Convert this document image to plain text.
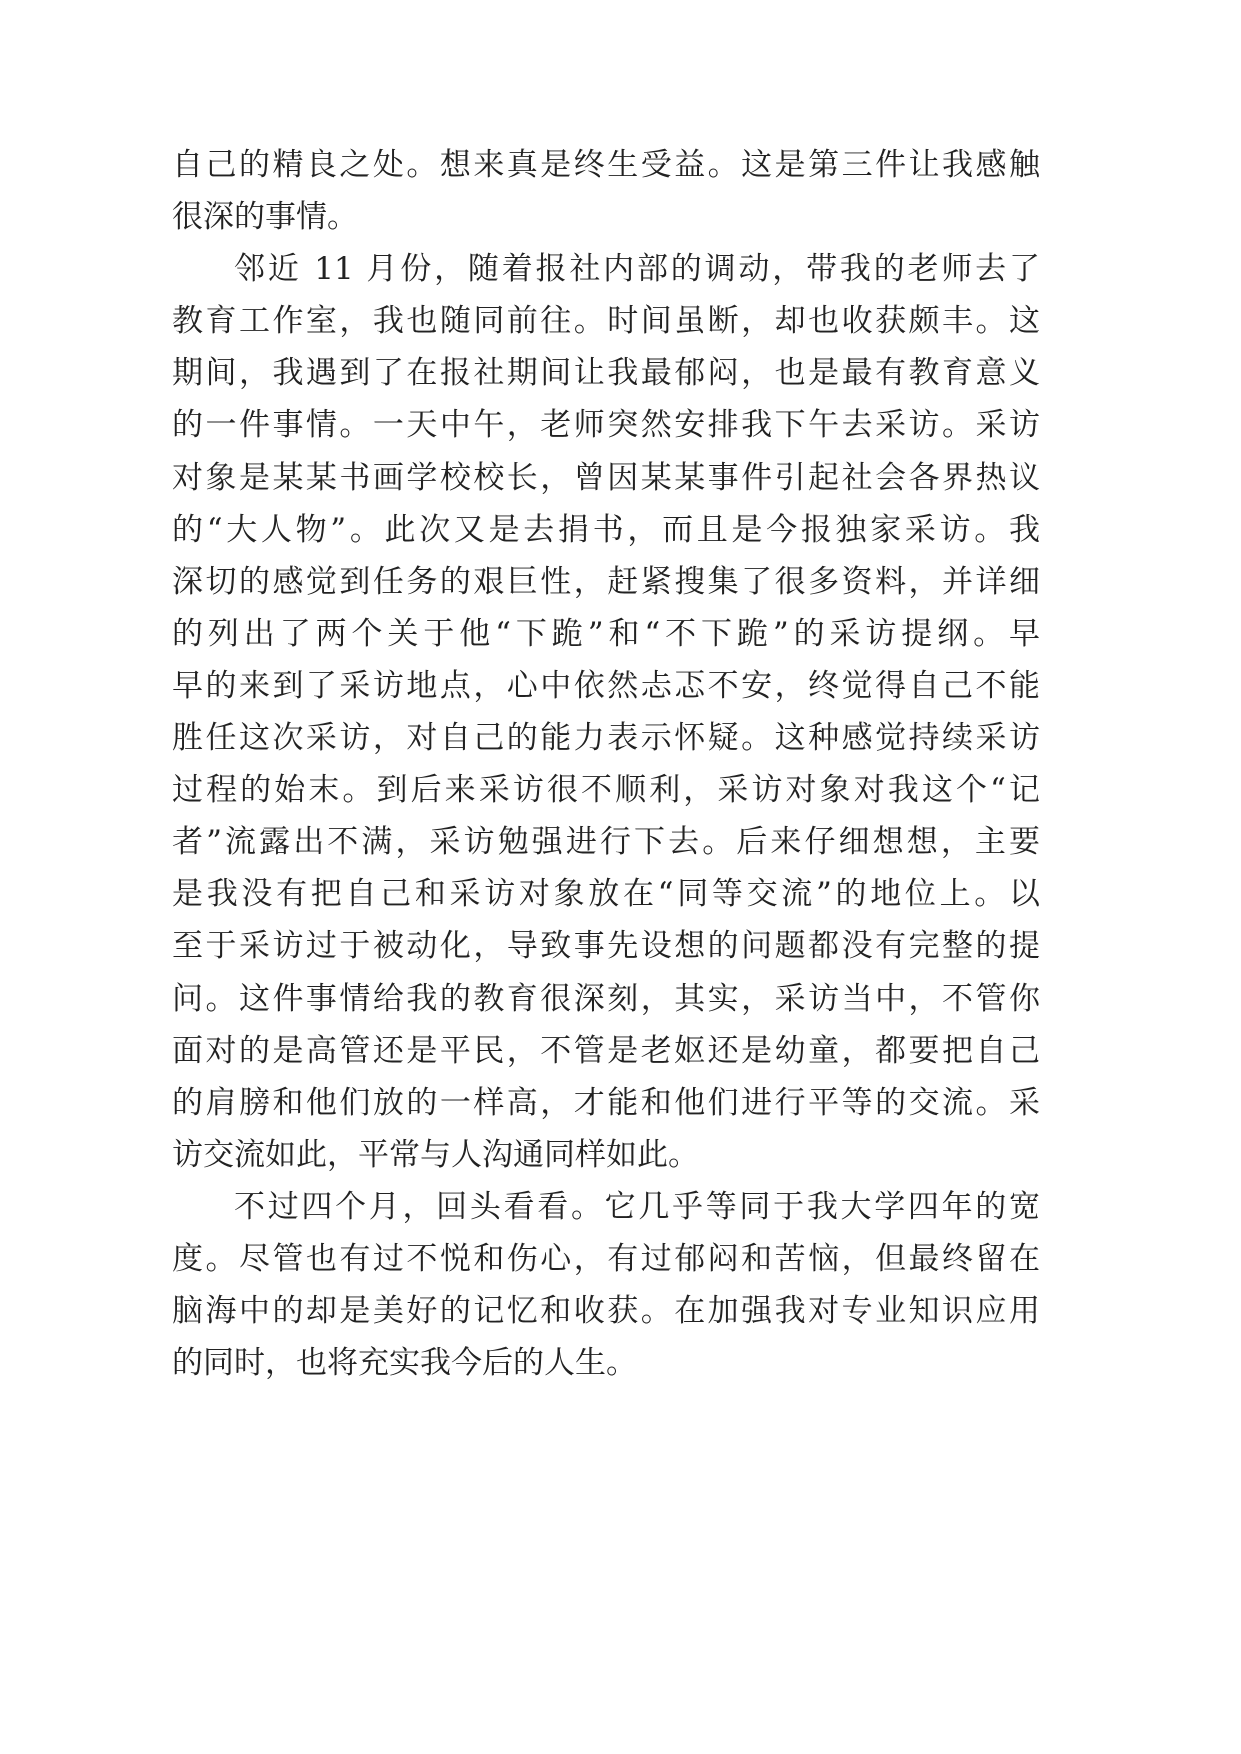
自己的精良之处。想来真是终生受益。这是第三件让我感触
很深的事情。
邻近 11 月份，随着报社内部的调动，带我的老师去了
教育工作室，我也随同前往。时间虽断，却也收获颇丰。这
期间，我遇到了在报社期间让我最郁闷，也是最有教育意义
的一件事情。一天中午，老师突然安排我下午去采访。采访
对象是某某书画学校校长，曾因某某事件引起社会各界热议
的“大人物”。此次又是去捐书，而且是今报独家采访。我
深切的感觉到任务的艰巨性，赶紧搜集了很多资料，并详细
的列出了两个关于他“下跪”和“不下跪”的采访提纲。早
早的来到了采访地点，心中依然忐忑不安，终觉得自己不能
胜任这次采访，对自己的能力表示怀疑。这种感觉持续采访
过程的始末。到后来采访很不顺利，采访对象对我这个“记
者”流露出不满，采访勉强进行下去。后来仔细想想，主要
是我没有把自己和采访对象放在“同等交流”的地位上。以
至于采访过于被动化，导致事先设想的问题都没有完整的提
问。这件事情给我的教育很深刻，其实，采访当中，不管你
面对的是高管还是平民，不管是老妪还是幼童，都要把自己
的肩膀和他们放的一样高，才能和他们进行平等的交流。采
访交流如此，平常与人沟通同样如此。
不过四个月，回头看看。它几乎等同于我大学四年的宽
度。尽管也有过不悦和伤心，有过郁闷和苦恼，但最终留在
脑海中的却是美好的记忆和收获。在加强我对专业知识应用
的同时，也将充实我今后的人生。
